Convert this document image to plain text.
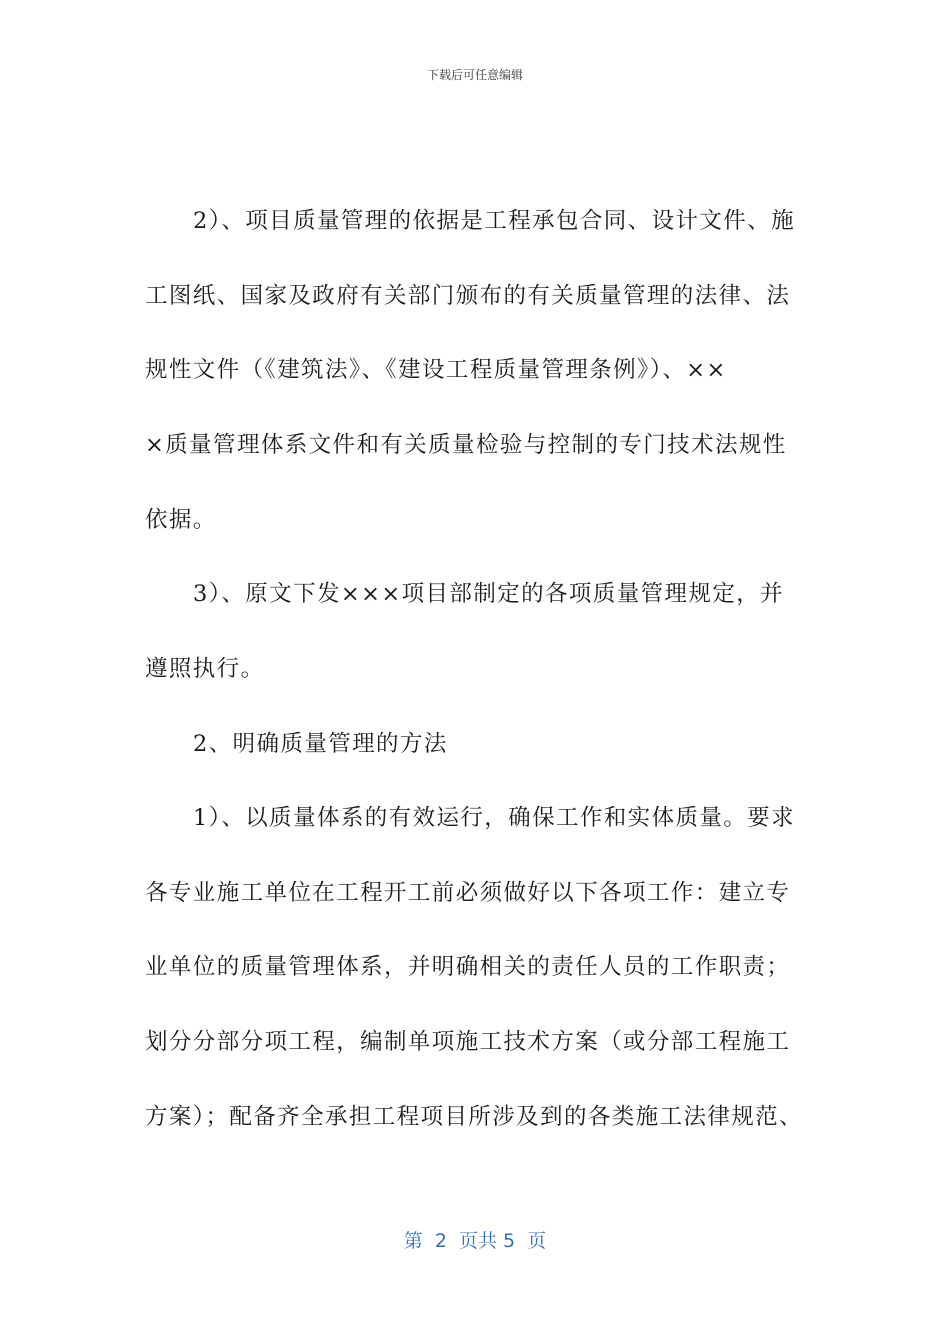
下载后可任意编辑
2）、项目质量管理的依据是工程承包合同、设计文件、施
工图纸、国家及政府有关部门颁布的有关质量管理的法律、法
规性文件（《建筑法》、《建设工程质量管理条例》）、××
×质量管理体系文件和有关质量检验与控制的专门技术法规性
依据。
3）、原文下发×××项目部制定的各项质量管理规定，并
遵照执行。
2、明确质量管理的方法
1）、以质量体系的有效运行，确保工作和实体质量。要求
各专业施工单位在工程开工前必须做好以下各项工作：建立专
业单位的质量管理体系，并明确相关的责任人员的工作职责；
划分分部分项工程，编制单项施工技术方案（或分部工程施工
方案）；配备齐全承担工程项目所涉及到的各类施工法律规范、
第  2  页共 5  页
